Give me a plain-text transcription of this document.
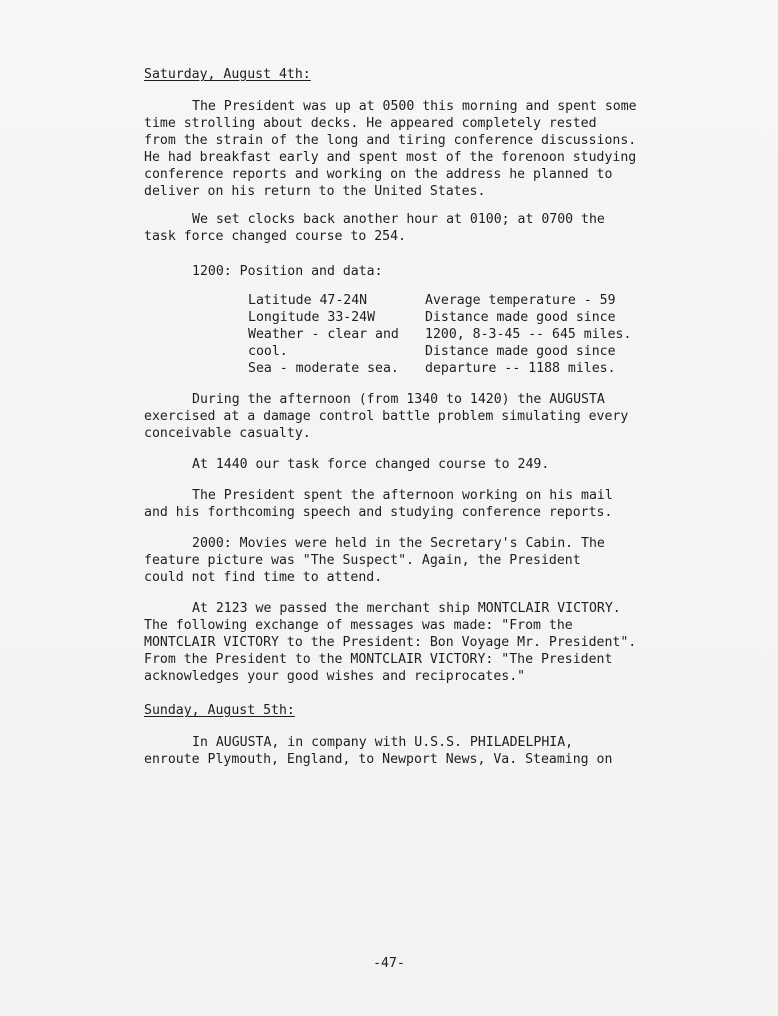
Saturday, August 4th:
The President was up at 0500 this morning and spent some
time strolling about decks. He appeared completely rested
from the strain of the long and tiring conference discussions.
He had breakfast early and spent most of the forenoon studying
conference reports and working on the address he planned to
deliver on his return to the United States.
We set clocks back another hour at 0100; at 0700 the
task force changed course to 254.
1200: Position and data:
Latitude 47-24N
Longitude 33-24W
Weather - clear and
cool.
Sea - moderate sea.
Average temperature - 59
Distance made good since
1200, 8-3-45 -- 645 miles.
Distance made good since
departure -- 1188 miles.
During the afternoon (from 1340 to 1420) the AUGUSTA
exercised at a damage control battle problem simulating every
conceivable casualty.
At 1440 our task force changed course to 249.
The President spent the afternoon working on his mail
and his forthcoming speech and studying conference reports.
2000: Movies were held in the Secretary's Cabin. The
feature picture was "The Suspect". Again, the President
could not find time to attend.
At 2123 we passed the merchant ship MONTCLAIR VICTORY.
The following exchange of messages was made: "From the
MONTCLAIR VICTORY to the President: Bon Voyage Mr. President".
From the President to the MONTCLAIR VICTORY: "The President
acknowledges your good wishes and reciprocates."
Sunday, August 5th:
In AUGUSTA, in company with U.S.S. PHILADELPHIA,
enroute Plymouth, England, to Newport News, Va. Steaming on
-47-
